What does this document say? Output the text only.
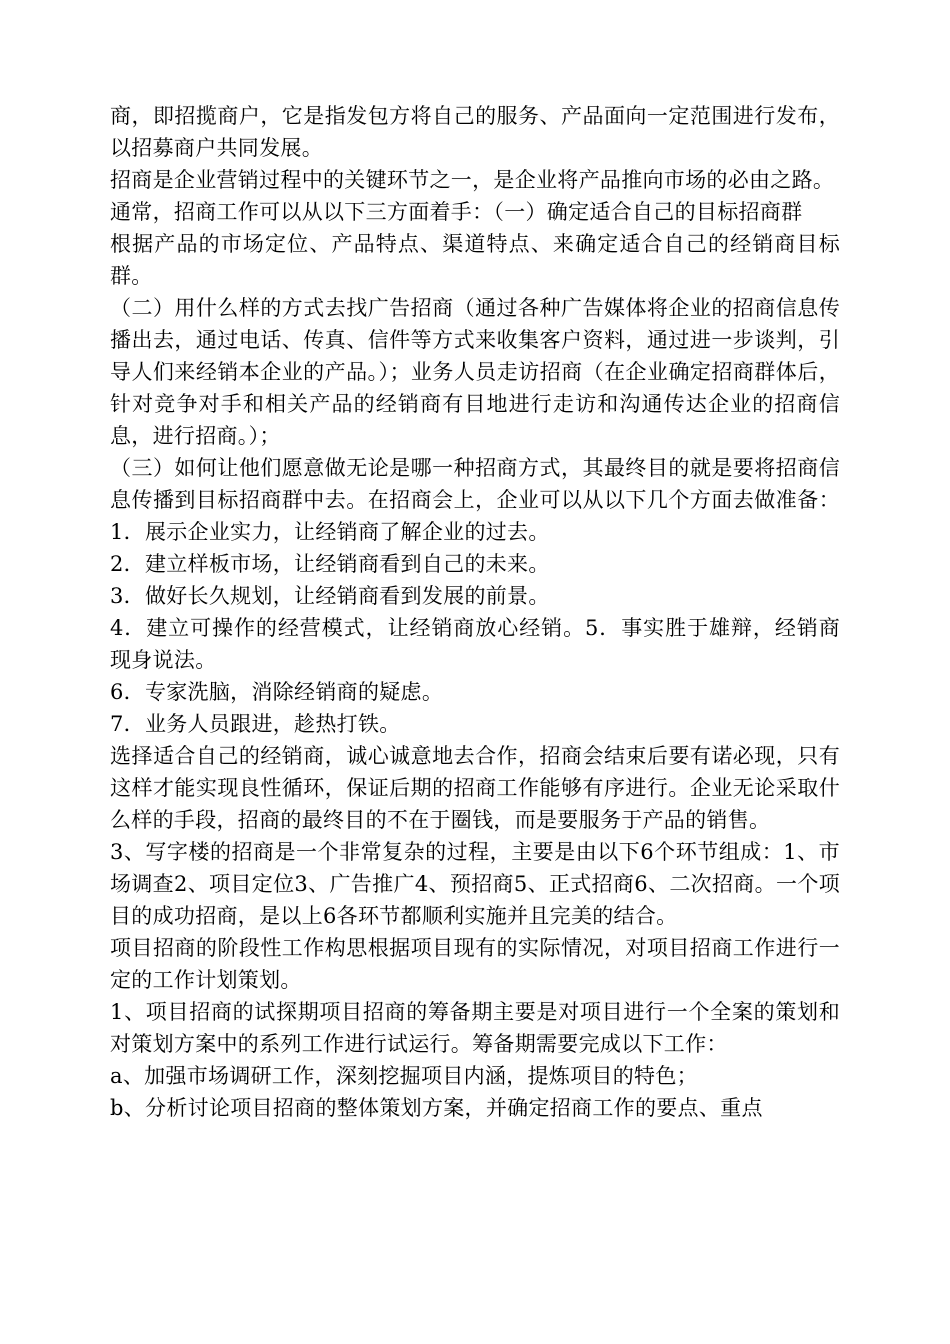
商，即招揽商户，它是指发包方将自己的服务、产品面向一定范围进行发布，以招募商户共同发展。

招商是企业营销过程中的关键环节之一，是企业将产品推向市场的必由之路。

通常，招商工作可以从以下三方面着手：（一）确定适合自己的目标招商群

根据产品的市场定位、产品特点、渠道特点、来确定适合自己的经销商目标群。

（二）用什么样的方式去找广告招商（通过各种广告媒体将企业的招商信息传播出去，通过电话、传真、信件等方式来收集客户资料，通过进一步谈判，引导人们来经销本企业的产品。）；业务人员走访招商（在企业确定招商群体后，针对竞争对手和相关产品的经销商有目地进行走访和沟通传达企业的招商信息，进行招商。）；

（三）如何让他们愿意做无论是哪一种招商方式，其最终目的就是要将招商信息传播到目标招商群中去。在招商会上，企业可以从以下几个方面去做准备：1．展示企业实力，让经销商了解企业的过去。

2．建立样板市场，让经销商看到自己的未来。

3．做好长久规划，让经销商看到发展的前景。

4．建立可操作的经营模式，让经销商放心经销。5．事实胜于雄辩，经销商现身说法。

6．专家洗脑，消除经销商的疑虑。

7．业务人员跟进，趁热打铁。

选择适合自己的经销商，诚心诚意地去合作，招商会结束后要有诺必现，只有这样才能实现良性循环，保证后期的招商工作能够有序进行。企业无论采取什么样的手段，招商的最终目的不在于圈钱，而是要服务于产品的销售。

3、写字楼的招商是一个非常复杂的过程，主要是由以下6个环节组成：1、市场调查2、项目定位3、广告推广4、预招商5、正式招商6、二次招商。一个项目的成功招商，是以上6各环节都顺利实施并且完美的结合。

项目招商的阶段性工作构思根据项目现有的实际情况，对项目招商工作进行一定的工作计划策划。

1、项目招商的试探期项目招商的筹备期主要是对项目进行一个全案的策划和对策划方案中的系列工作进行试运行。筹备期需要完成以下工作：

a、加强市场调研工作，深刻挖掘项目内涵，提炼项目的特色；

b、分析讨论项目招商的整体策划方案，并确定招商工作的要点、重点
